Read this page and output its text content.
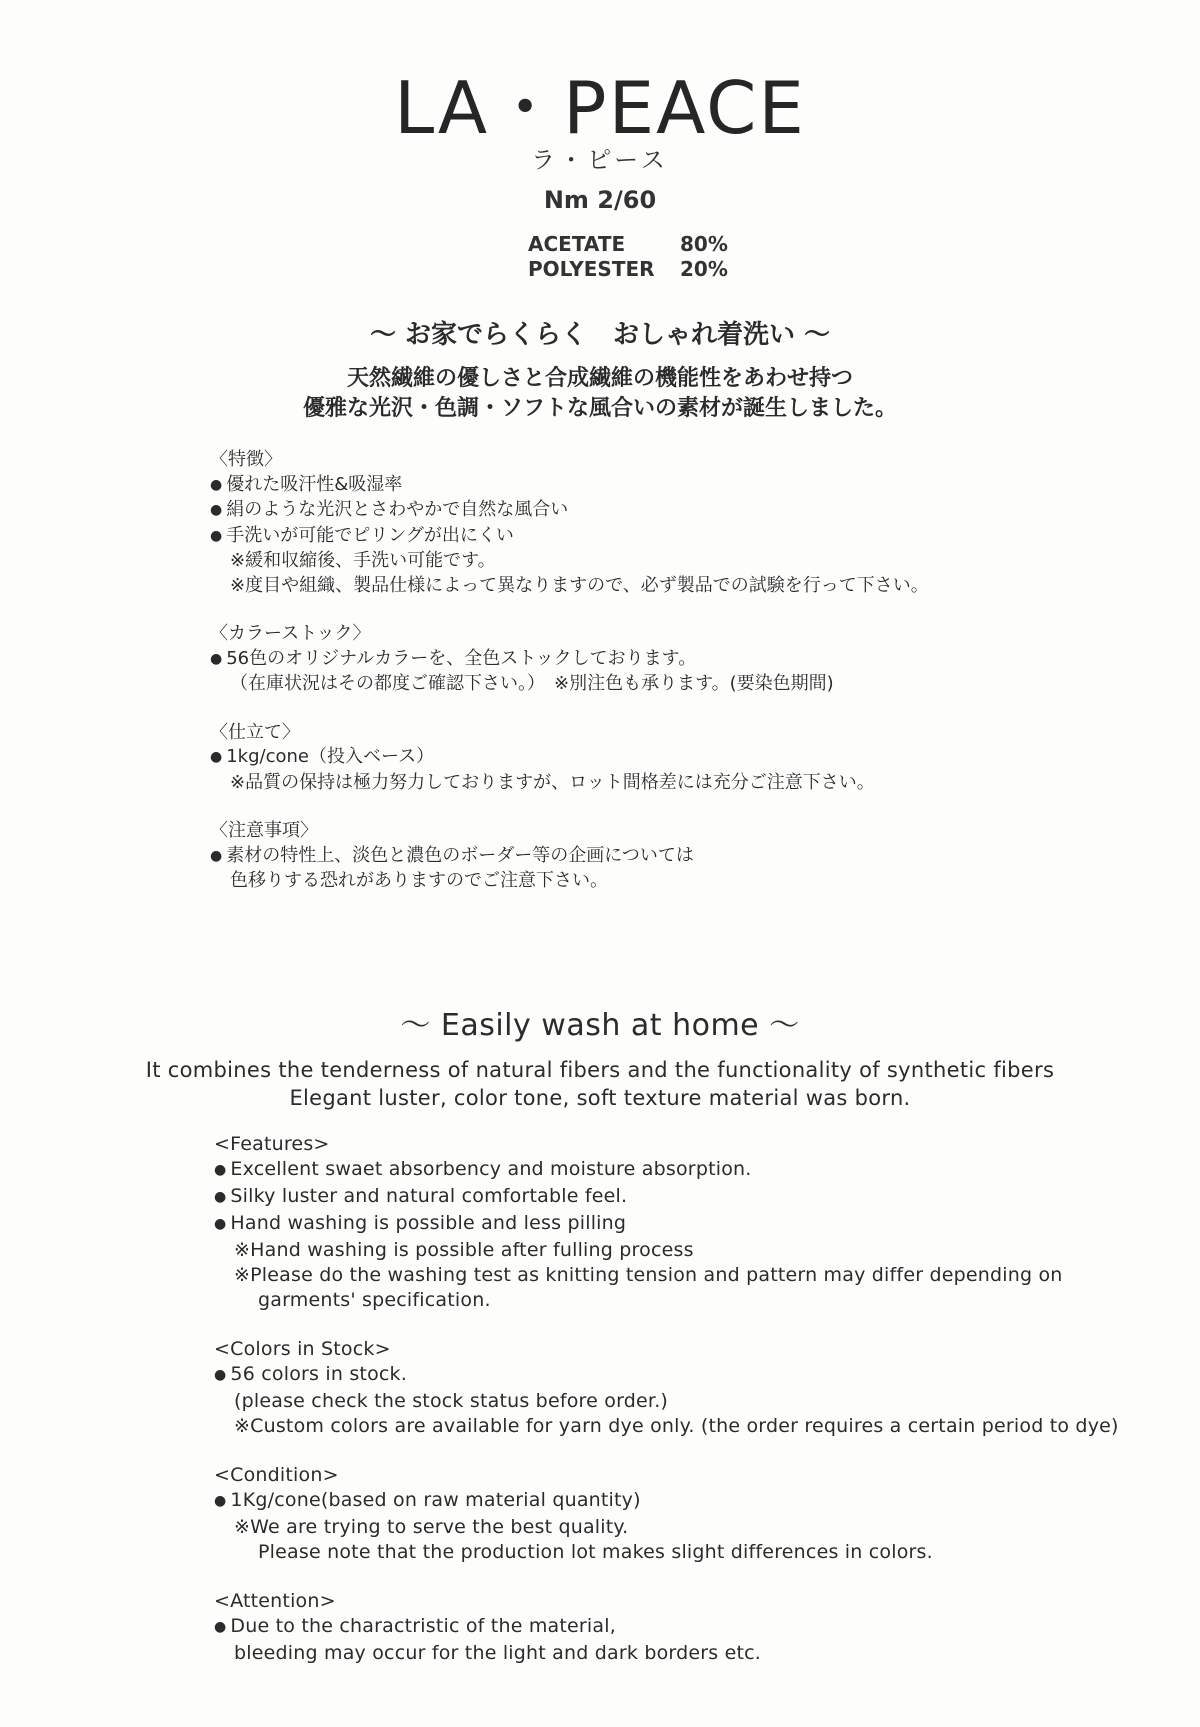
LA・PEACE
ラ・ピース
Nm 2/60
ACETATE	80%
POLYESTER	20%
〜 お家でらくらく　おしゃれ着洗い 〜
天然繊維の優しさと合成繊維の機能性をあわせ持つ
優雅な光沢・色調・ソフトな風合いの素材が誕生しました。
〈特徴〉
● 優れた吸汗性&吸湿率
● 絹のような光沢とさわやかで自然な風合い
● 手洗いが可能でピリングが出にくい
※緩和収縮後、手洗い可能です。
※度目や組織、製品仕様によって異なりますので、必ず製品での試験を行って下さい。
〈カラーストック〉
● 56色のオリジナルカラーを、全色ストックしております。
（在庫状況はその都度ご確認下さい。）　※別注色も承ります。(要染色期間)
〈仕立て〉
● 1kg/cone（投入ベース）
※品質の保持は極力努力しておりますが、ロット間格差には充分ご注意下さい。
〈注意事項〉
● 素材の特性上、淡色と濃色のボーダー等の企画については
色移りする恐れがありますのでご注意下さい。
〜 Easily wash at home 〜
It combines the tenderness of natural fibers and the functionality of synthetic fibers
Elegant luster, color tone, soft texture material was born.
<Features>
● Excellent swaet absorbency and moisture absorption.
● Silky luster and natural comfortable feel.
● Hand washing is possible and less pilling
※Hand washing is possible after fulling process
※Please do the washing test as knitting tension and pattern may differ depending on
garments' specification.
<Colors in Stock>
● 56 colors in stock.
(please check the stock status before order.)
※Custom colors are available for yarn dye only. (the order requires a certain period to dye)
<Condition>
● 1Kg/cone(based on raw material quantity)
※We are trying to serve the best quality.
Please note that the production lot makes slight differences in colors.
<Attention>
● Due to the charactristic of the material,
bleeding may occur for the light and dark borders etc.
